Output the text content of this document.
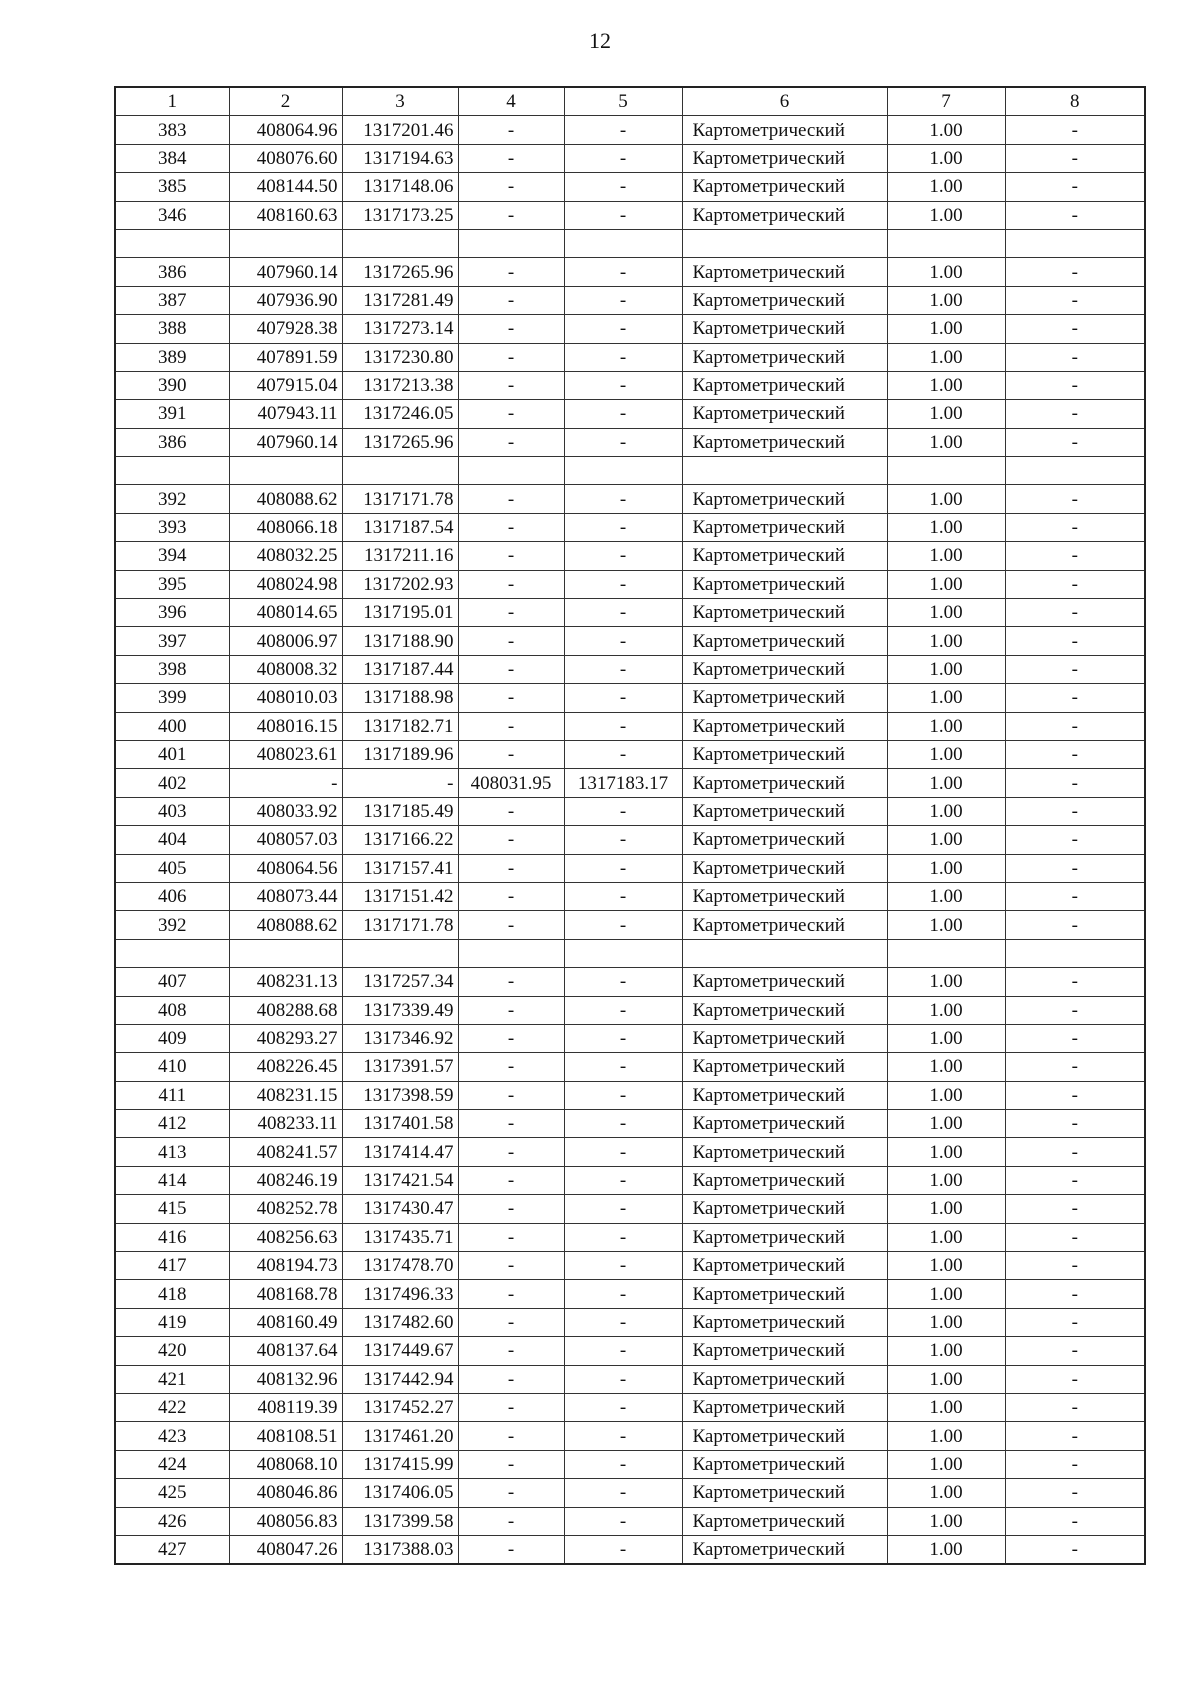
12
1	2	3	4	5	6	7	8
383	408064.96	1317201.46	-	-	Картометрический	1.00	-
384	408076.60	1317194.63	-	-	Картометрический	1.00	-
385	408144.50	1317148.06	-	-	Картометрический	1.00	-
346	408160.63	1317173.25	-	-	Картометрический	1.00	-

386	407960.14	1317265.96	-	-	Картометрический	1.00	-
387	407936.90	1317281.49	-	-	Картометрический	1.00	-
388	407928.38	1317273.14	-	-	Картометрический	1.00	-
389	407891.59	1317230.80	-	-	Картометрический	1.00	-
390	407915.04	1317213.38	-	-	Картометрический	1.00	-
391	407943.11	1317246.05	-	-	Картометрический	1.00	-
386	407960.14	1317265.96	-	-	Картометрический	1.00	-

392	408088.62	1317171.78	-	-	Картометрический	1.00	-
393	408066.18	1317187.54	-	-	Картометрический	1.00	-
394	408032.25	1317211.16	-	-	Картометрический	1.00	-
395	408024.98	1317202.93	-	-	Картометрический	1.00	-
396	408014.65	1317195.01	-	-	Картометрический	1.00	-
397	408006.97	1317188.90	-	-	Картометрический	1.00	-
398	408008.32	1317187.44	-	-	Картометрический	1.00	-
399	408010.03	1317188.98	-	-	Картометрический	1.00	-
400	408016.15	1317182.71	-	-	Картометрический	1.00	-
401	408023.61	1317189.96	-	-	Картометрический	1.00	-
402	-	-	408031.95	1317183.17	Картометрический	1.00	-
403	408033.92	1317185.49	-	-	Картометрический	1.00	-
404	408057.03	1317166.22	-	-	Картометрический	1.00	-
405	408064.56	1317157.41	-	-	Картометрический	1.00	-
406	408073.44	1317151.42	-	-	Картометрический	1.00	-
392	408088.62	1317171.78	-	-	Картометрический	1.00	-

407	408231.13	1317257.34	-	-	Картометрический	1.00	-
408	408288.68	1317339.49	-	-	Картометрический	1.00	-
409	408293.27	1317346.92	-	-	Картометрический	1.00	-
410	408226.45	1317391.57	-	-	Картометрический	1.00	-
411	408231.15	1317398.59	-	-	Картометрический	1.00	-
412	408233.11	1317401.58	-	-	Картометрический	1.00	-
413	408241.57	1317414.47	-	-	Картометрический	1.00	-
414	408246.19	1317421.54	-	-	Картометрический	1.00	-
415	408252.78	1317430.47	-	-	Картометрический	1.00	-
416	408256.63	1317435.71	-	-	Картометрический	1.00	-
417	408194.73	1317478.70	-	-	Картометрический	1.00	-
418	408168.78	1317496.33	-	-	Картометрический	1.00	-
419	408160.49	1317482.60	-	-	Картометрический	1.00	-
420	408137.64	1317449.67	-	-	Картометрический	1.00	-
421	408132.96	1317442.94	-	-	Картометрический	1.00	-
422	408119.39	1317452.27	-	-	Картометрический	1.00	-
423	408108.51	1317461.20	-	-	Картометрический	1.00	-
424	408068.10	1317415.99	-	-	Картометрический	1.00	-
425	408046.86	1317406.05	-	-	Картометрический	1.00	-
426	408056.83	1317399.58	-	-	Картометрический	1.00	-
427	408047.26	1317388.03	-	-	Картометрический	1.00	-
